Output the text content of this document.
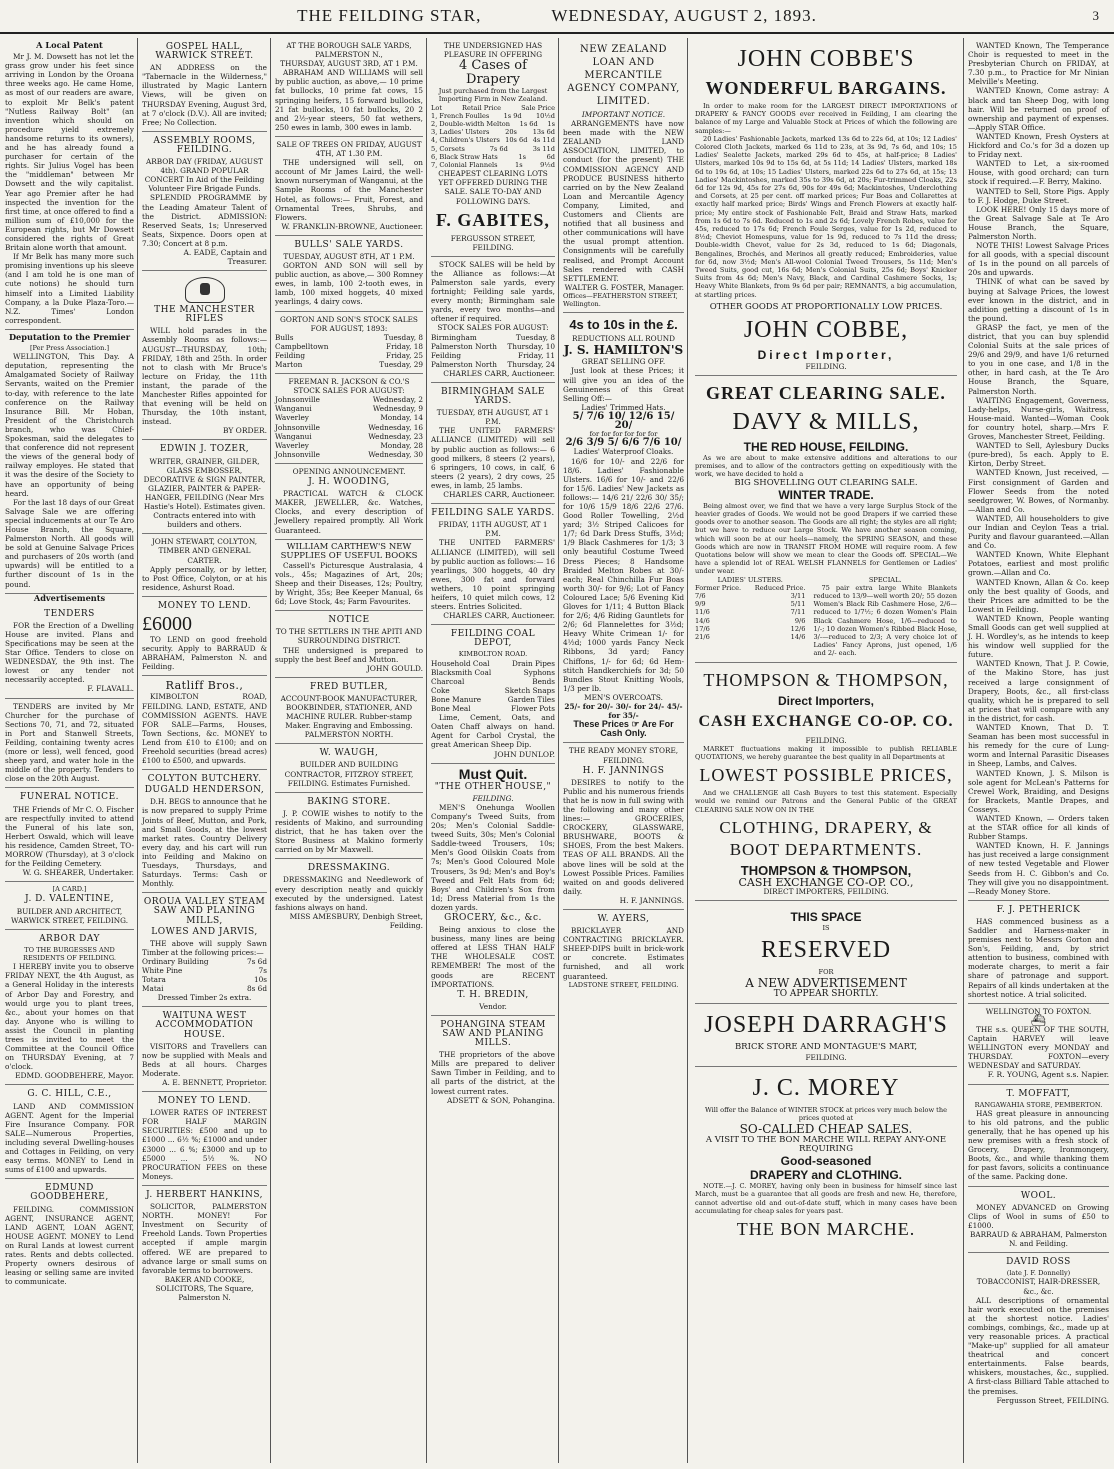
THE FEILDING STAR,	WEDNESDAY, AUGUST 2, 1893.	3
A Local Patent
Mr J. M. Dowsett has not let the grass grow under his feet since arriving in London by the Oroana three weeks ago. He came Home, as most of our readers are aware, to exploit Mr Belk's patent "Nutless Railway Bolt" (an invention which should on procedure yield extremely handsome returns to its owners), and he has already found a purchaser for certain of the rights. Sir Julius Vogel has been the "middleman" between Mr Dowsett and the wily capitalist. Year ago Premier after he had inspected the invention for the first time, at once offered to find a million sum of £10,000 for the European rights, but Mr Dowsett considered the rights of Great Britain alone worth that amount.
If Mr Belk has many more such promising inventions up his sleeve (and I am told he is one man of cute notions) he should turn himself into a Limited Liability Company, a la Duke Plaza-Toro.—N.Z. Times' London correspondent.
Deputation to the Premier
[Per Press Association.]
WELLINGTON, This Day. A deputation, representing the Amalgamated Society of Railway Servants, waited on the Premier to-day, with reference to the late conference on the Railway Insurance Bill. Mr Hoban, President of the Christchurch branch, who was Chief-Spokesman, said the delegates to that conference did not represent the views of the general body of railway employes. He stated that it was the desire of the Society to have an opportunity of being heard.
For the last 18 days of our Great Salvage Sale we are offering special inducements at our Te Aro House Branch, the Square, Palmerston North. All goods will be sold at Genuine Salvage Prices and purchasers of 20s worth (and upwards) will be entitled to a further discount of 1s in the pound.
Advertisements
TENDERS
FOR the Erection of a Dwelling House are invited. Plans and Specifications may be seen at the Star Office. Tenders to close on WEDNESDAY, the 9th inst. The lowest or any tender not necessarily accepted.
F. FLAVALL.
TENDERS are invited by Mr Churcher for the purchase of Sections 70, 71, and 72, situated in Port and Stanwell Streets, Feilding, containing twenty acres (more or less), well fenced, good sheep yard, and water hole in the middle of the property. Tenders to close on the 20th August.
FUNERAL NOTICE.
THE Friends of Mr C. O. Fischer are respectfully invited to attend the Funeral of his late son, Herbert Oswald, which will leave his residence, Camden Street, TO-MORROW (Thursday), at 3 o'clock for the Feilding Cemetery.
W. G. SHEARER, Undertaker.
[A CARD.]
J. D. VALENTINE,
BUILDER AND ARCHITECT, WARWICK STREET, FEILDING.
ARBOR DAY
TO THE BURGESSES AND RESIDENTS OF FEILDING.
I HEREBY invite you to observe FRIDAY NEXT, the 4th August, as a General Holiday in the interests of Arbor Day and Forestry, and would urge you to plant trees, &c., about your homes on that day. Anyone who is willing to assist the Council in planting trees is invited to meet the Committee at the Council Office on THURSDAY Evening, at 7 o'clock.
EDMD. GOODBEHERE, Mayor.
G. C. HILL, C.E.,
LAND AND COMMISSION AGENT. Agent for the Imperial Fire Insurance Company. FOR SALE—Numerous Properties, including several Dwelling-houses and Cottages in Feilding, on very easy terms. MONEY to Lend in sums of £100 and upwards.
EDMUND GOODBEHERE,
FEILDING. COMMISSION AGENT, INSURANCE AGENT, LAND AGENT, LOAN AGENT, HOUSE AGENT. MONEY to Lend on Rural Lands at lowest current rates. Rents and debts collected. Property owners desirous of leasing or selling same are invited to communicate.
GOSPEL HALL, WARWICK STREET.
AN ADDRESS on the "Tabernacle in the Wilderness," illustrated by Magic Lantern Views, will be given on THURSDAY Evening, August 3rd, at 7 o'clock (D.V.). All are invited; Free; No Collection.
ASSEMBLY ROOMS, FEILDING.
ARBOR DAY (FRIDAY, AUGUST 4th). GRAND POPULAR CONCERT In Aid of the Feilding Volunteer Fire Brigade Funds.
SPLENDID PROGRAMME by the Leading Amateur Talent of the District. ADMISSION: Reserved Seats, 1s; Unreserved Seats, Sixpence. Doors open at 7.30; Concert at 8 p.m.
A. EADE, Captain and Treasurer.
THE MANCHESTER RIFLES
WILL hold parades in the Assembly Rooms as follows:—AUGUST—THURSDAY, 10th; FRIDAY, 18th and 25th. In order not to clash with Mr Bruce's lecture on Friday, the 11th instant, the parade of the Manchester Rifles appointed for that evening will be held on Thursday, the 10th instant, instead.
BY ORDER.
EDWIN J. TOZER,
WRITER, GRAINER, GILDER, GLASS EMBOSSER, DECORATIVE & SIGN PAINTER, GLAZIER, PAINTER & PAPER-HANGER, FEILDING (Near Mrs Hastie's Hotel). Estimates given. Contracts entered into with builders and others.
JOHN STEWART, COLYTON, TIMBER AND GENERAL CARTER.
Apply personally, or by letter, to Post Office, Colyton, or at his residence, Ashurst Road.
MONEY TO LEND.
£6000
TO LEND on good freehold security. Apply to BARRAUD & ABRAHAM, Palmerston N. and Feilding.
Ratliff Bros.,
KIMBOLTON ROAD, FEILDING. LAND, ESTATE, AND COMMISSION AGENTS. HAVE FOR SALE—Farms, Houses, Town Sections, &c. MONEY to Lend from £10 to £100; and on Freehold securities (bread acres) £100 to £500, and upwards.
COLYTON BUTCHERY.
DUGALD HENDERSON,
D.H. BEGS to announce that he is now prepared to supply Prime Joints of Beef, Mutton, and Pork, and Small Goods, at the lowest market rates. Country Delivery every day, and his cart will run into Feilding and Makino on Tuesdays, Thursdays, and Saturdays. Terms: Cash or Monthly.
OROUA VALLEY STEAM SAW AND PLANING MILLS,
LOWES AND JARVIS,
THE above will supply Sawn Timber at the following prices:—
Ordinary Building	7s 6d
White Pine	7s
Totara	10s
Matai	8s 6d
Dressed Timber 2s extra.
WAITUNA WEST ACCOMMODATION HOUSE.
VISITORS and Travellers can now be supplied with Meals and Beds at all hours. Charges Moderate.
A. E. BENNETT, Proprietor.
MONEY TO LEND.
LOWER RATES OF INTEREST FOR HALF MARGIN SECURITIES: £500 and up to £1000 ... 6½ %; £1000 and under £3000 ... 6 %; £3000 and up to £5000 ... 5½ %. NO PROCURATION FEES on these Moneys.
J. HERBERT HANKINS,
SOLICITOR, PALMERSTON NORTH. MONEY! For Investment on Security of Freehold Lands. Town Properties accepted if ample margin offered. WE are prepared to advance large or small sums on favorable terms to borrowers.
BAKER AND COOKE, SOLICITORS, The Square, Palmerston N.
AT THE BOROUGH SALE YARDS, PALMERSTON N.,
THURSDAY, AUGUST 3RD, AT 1 P.M.
ABRAHAM AND WILLIAMS will sell by public auction, as above,— 10 prime fat bullocks, 10 prime fat cows, 15 springing heifers, 15 forward bullocks, 21 fat bullocks, 10 fat bullocks, 20 2 and 2½-year steers, 50 fat wethers, 250 ewes in lamb, 300 ewes in lamb.
SALE OF TREES ON FRIDAY, AUGUST 4TH, AT 1.30 P.M.
THE undersigned will sell, on account of Mr James Laird, the well-known nurseryman of Wanganui, at the Sample Rooms of the Manchester Hotel, as follows:— Fruit, Forest, and Ornamental Trees, Shrubs, and Flowers.
W. FRANKLIN-BROWNE, Auctioneer.
BULLS' SALE YARDS.
TUESDAY, AUGUST 8TH, AT 1 P.M.
GORTON AND SON will sell by public auction, as above,— 300 Romney ewes, in lamb, 100 2-tooth ewes, in lamb, 100 mixed hoggets, 40 mixed yearlings, 4 dairy cows.
GORTON AND SON'S STOCK SALES FOR AUGUST, 1893:
Bulls	Tuesday, 8
Campbelltown	Friday, 18
Feilding	Friday, 25
Marton	Tuesday, 29
FREEMAN R. JACKSON & CO.'S STOCK SALES FOR AUGUST:
Johnsonville	Wednesday, 2
Wanganui	Wednesday, 9
Waverley	Monday, 14
Johnsonville	Wednesday, 16
Wanganui	Wednesday, 23
Waverley	Monday, 28
Johnsonville	Wednesday, 30
OPENING ANNOUNCEMENT.
J. H. WOODING,
PRACTICAL WATCH & CLOCK MAKER, JEWELLER, &c. Watches, Clocks, and every description of Jewellery repaired promptly. All Work Guaranteed.
WILLIAM CARTHEW'S NEW SUPPLIES OF USEFUL BOOKS
Cassell's Picturesque Australasia, 4 vols., 45s; Magazines of Art, 20s; Sheep and their Diseases, 12s; Poultry, by Wright, 35s; Bee Keeper Manual, 6s 6d; Love Stock, 4s; Farm Favourites.
NOTICE
TO THE SETTLERS IN THE APITI AND SURROUNDING DISTRICT.
THE undersigned is prepared to supply the best Beef and Mutton.
JOHN GOULD.
FRED BUTLER,
ACCOUNT-BOOK MANUFACTURER, BOOKBINDER, STATIONER, AND MACHINE RULER. Rubber-stamp Maker. Engraving and Embossing. PALMERSTON NORTH.
W. WAUGH,
BUILDER AND BUILDING CONTRACTOR, FITZROY STREET, FEILDING. Estimates Furnished.
BAKING STORE.
J. P. COWIE wishes to notify to the residents of Makino, and surrounding district, that he has taken over the Store Business at Makino formerly carried on by Mr Maxwell.
DRESSMAKING.
DRESSMAKING and Needlework of every description neatly and quickly executed by the undersigned. Latest fashions always on hand.
MISS AMESBURY, Denbigh Street, Feilding.
THE UNDERSIGNED HAS PLEASURE IN OFFERING
4 Cases of Drapery
Just purchased from the Largest Importing Firm in New Zealand.
Lot	Retail Price	Sale Price
1, French Foulles 1s 9d 10½d
2, Double-width Melton 1s 6d 1s
3, Ladies' Ulsters 20s 13s 6d
4, Children's Ulsters 10s 6d 4s 11d
5, Corsets	7s 6d	3s 11d
6, Black Straw Hats	1s	6d
7, Colonial Flannels	1s	9½d
CHEAPEST CLEARING LOTS YET OFFERED DURING THE SALE. SALE TO-DAY AND FOLLOWING DAYS.
F. GABITES,
FERGUSSON STREET, FEILDING.
STOCK SALES will be held by the Alliance as follows:—At Palmerston sale yards, every fortnight; Feilding sale yards, every month; Birmingham sale yards, every two months—and oftener if required.
STOCK SALES FOR AUGUST:
Birmingham	Tuesday, 8
Palmerston North Thursday, 10
Feilding	Friday, 11
Palmerston North Thursday, 24
CHARLES CARR, Auctioneer.
BIRMINGHAM SALE YARDS.
TUESDAY, 8TH AUGUST, AT 1 P.M.
THE UNITED FARMERS' ALLIANCE (LIMITED) will sell by public auction as follows:— 6 good milkers, 8 steers (2 years), 6 springers, 10 cows, in calf, 6 steers (2 years), 2 dry cows, 25 ewes, in lamb, 25 lambs.
CHARLES CARR, Auctioneer.
FEILDING SALE YARDS.
FRIDAY, 11TH AUGUST, AT 1 P.M.
THE UNITED FARMERS' ALLIANCE (LIMITED), will sell by public auction as follows:— 16 yearlings, 300 hoggets, 40 dry ewes, 300 fat and forward wethers, 10 point springing heifers, 10 quiet milch cows, 12 steers. Entries Solicited.
CHARLES CARR, Auctioneer.
FEILDING COAL DEPOT,
KIMBOLTON ROAD.
Household Coal	Drain Pipes
Blacksmith Coal	Syphons
Charcoal	Bends
Coke	Sketch Snaps
Bone Manure	Garden Tiles
Bone Meal	Flower Pots
Lime, Cement, Oats, and Oaten Chaff always on hand. Agent for Carbol Crystal, the great American Sheep Dip.
JOHN DUNLOP.
Must Quit.
"THE OTHER HOUSE,"
FEILDING.
MEN'S Onehunga Woollen Company's Tweed Suits, from 20s; Men's Colonial Saddle-tweed Suits, 30s; Men's Colonial Saddle-tweed Trousers, 10s; Men's Good Oilskin Coats from 7s; Men's Good Coloured Mole Trousers, 3s 9d; Men's and Boy's Tweed and Felt Hats from 6d; Boys' and Children's Sox from 1d; Dress Material from 1s the dozen yards.
GROCERY, &c., &c.
Being anxious to close the business, many lines are being offered at LESS THAN HALF THE WHOLESALE COST. REMEMBER! The most of the goods are RECENT IMPORTATIONS.
T. H. BREDIN,
Vendor.
POHANGINA STEAM SAW AND PLANING MILLS.
THE proprietors of the above Mills are prepared to deliver Sawn Timber in Feilding, and to all parts of the district, at the lowest current rates.
ADSETT & SON, Pohangina.
NEW ZEALAND LOAN AND MERCANTILE AGENCY COMPANY, LIMITED.
IMPORTANT NOTICE.
ARRANGEMENTS have now been made with the NEW ZEALAND LAND ASSOCIATION, LIMITED, to conduct (for the present) THE COMMISSION AGENCY AND PRODUCE BUSINESS hitherto carried on by the New Zealand Loan and Mercantile Agency Company, Limited, and Customers and Clients are notified that all business and other communications will have the usual prompt attention. Consignments will be carefully realised, and Prompt Account Sales rendered with CASH SETTLEMENT.
WALTER G. FOSTER, Manager.
Offices—FEATHERSTON STREET, Wellington.
4s to 10s in the £.
REDUCTIONS ALL ROUND
J. S. HAMILTON'S
GREAT SELLING OFF.
Just look at these Prices; it will give you an idea of the Genuineness of this Great Selling Off:—
Ladies' Trimmed Hats.
5/ 7/6 10/ 12/6 15/ 20/
for for for for for for
2/6 3/9 5/ 6/6 7/6 10/
Ladies' Waterproof Cloaks.
16/6 for 10/- and 22/6 for 18/6. Ladies' Fashionable Ulsters. 16/6 for 10/- and 22/6 for 15/6. Ladies' New Jackets as follows:— 14/6 21/ 22/6 30/ 35/; for 10/6 15/9 18/6 22/6 27/6. Good Roller Towelling, 2½d yard; 3½ Striped Calicoes for 1/7; 6d Dark Dress Stuffs, 3½d; 1/9 Black Cashmeres for 1/3; 3 only beautiful Costume Tweed Dress Pieces; 8 Handsome Braided Melton Robes at 30/- each; Real Chinchilla Fur Boas worth 30/- for 9/6; Lot of Fancy Coloured Lace; 5/6 Evening Kid Gloves for 1/11; 4 Button Black for 2/6; 4/6 Riding Gauntlets for 2/6; 6d Flannelettes for 3½d; Heavy White Crimean 1/- for 4½d; 1000 yards Fancy Neck Ribbons, 3d yard; Fancy Chiffons, 1/- for 6d; 6d Hem-stitch Handkerchiefs for 3d; 50 Bundles Stout Knitting Wools, 1/3 per lb.
MEN'S OVERCOATS.
25/- for 20/- 30/- for 24/- 45/- for 35/-
These Prices ☞ Are For Cash Only.
THE READY MONEY STORE, FEILDING.
H. F. JANNINGS
DESIRES to notify to the Public and his numerous friends that he is now in full swing with the following and many other lines:— GROCERIES, CROCKERY, GLASSWARE, BRUSHWARE, BOOTS & SHOES, From the best Makers. TEAS OF ALL BRANDS. All the above lines will be sold at the Lowest Possible Prices. Families waited on and goods delivered daily.
H. F. JANNINGS.
W. AYERS,
BRICKLAYER AND CONTRACTING BRICKLAYER. SHEEP-DIPS built in brick-work or concrete. Estimates furnished, and all work guaranteed.
LADSTONE STREET, FEILDING.
JOHN COBBE'S
WONDERFUL BARGAINS.
In order to make room for the LARGEST DIRECT IMPORTATIONS of DRAPERY & FANCY GOODS ever received in Feilding, I am clearing the balance of my Large and Valuable Stock at Prices of which the following are samples:—
20 Ladies' Fashionable Jackets, marked 13s 6d to 22s 6d, at 10s; 12 Ladies' Colored Cloth Jackets, marked 6s 11d to 23s, at 3s 9d, 7s 6d, and 10s; 15 Ladies' Sealette Jackets, marked 29s 6d to 45s, at half-price; 8 Ladies' Ulsters, marked 10s 9d to 15s 6d, at 5s 11d; 14 Ladies' Ulsters, marked 18s 6d to 19s 6d, at 10s; 15 Ladies' Ulsters, marked 22s 6d to 27s 6d, at 15s; 13 Ladies' Mackintoshes, marked 35s to 39s 6d, at 20s; Fur-trimmed Cloaks, 22s 6d for 12s 9d, 45s for 27s 6d, 90s for 49s 6d; Mackintoshes, Underclothing and Corsets, at 25 per cent. off marked prices; Fur Boas and Collarettes at exactly half marked price; Birds' Wings and French Flowers at exactly half-price; My entire stock of Fashionable Felt, Braid and Straw Hats, marked from 1s 6d to 7s 6d. Reduced to 1s and 2s 6d; Lovely French Robes, value for 45s, reduced to 17s 6d; French Foule Serges, value for 1s 2d, reduced to 8½d; Cheviot Homespuns, value for 1s 9d, reduced to 7s 11d the dress; Double-width Chevot, value for 2s 3d, reduced to 1s 6d; Diagonals, Bengalines, Brochés, and Merinos all greatly reduced; Embroideries, value for 6d, now 3½d; Men's All-wool Colonial Tweed Trousers, 5s 11d; Men's Tweed Suits, good cut, 16s 6d; Men's Colonial Suits, 25s 6d; Boys' Knicker Suits from 4s 6d; Men's Navy, Black, and Cardinal Cashmere Socks, 1s; Heavy White Blankets, from 9s 6d per pair; REMNANTS, a big accumulation, at startling prices.
OTHER GOODS AT PROPORTIONALLY LOW PRICES.
JOHN COBBE,
Direct Importer,
FEILDING.
GREAT CLEARING SALE.
DAVY & MILLS,
THE RED HOUSE, FEILDING.
As we are about to make extensive additions and alterations to our premises, and to allow of the contractors getting on expeditiously with the work, we have decided to hold a
BIG SHOVELLING OUT CLEARING SALE.
WINTER TRADE.
Being almost over, we find that we have a very large Surplus Stock of the heavier grades of Goods. We would not be good Drapers if we carried these goods over to another season. The Goods are all right; the styles are all right; but we have to reduce our Large Stock. We have another season coming, which will soon be at our heels—namely, the SPRING SEASON, and these Goods which are now in TRANSIT FROM HOME will require room. A few Quotations below will show we mean to clear the Goods off. SPECIAL—We have a splendid lot of REAL WELSH FLANNELS for Gentlemen or Ladies' under wear.
LADIES' ULSTERS.
Former Price. Reduced Price.
7/6	3/11
9/9	5/11
11/6	7/11
14/6	9/6
17/6	12/6
21/6	14/6
SPECIAL.
75 pair extra large White Blankets reduced to 13/9—well worth 20/; 55 dozen Women's Black Rib Cashmere Hose, 2/6—reduced to 1/7½; 6 dozen Women's Plain Black Cashmere Hose, 1/6—reduced to 1/-; 10 dozen Women's Ribbed Black Hose, 3/-—reduced to 2/3; A very choice lot of Ladies' Fancy Aprons, just opened, 1/6 and 2/- each.
THOMPSON & THOMPSON,
Direct Importers,
CASH EXCHANGE CO-OP. CO.
FEILDING.
MARKET fluctuations making it impossible to publish RELIABLE QUOTATIONS, we hereby guarantee the best quality in all Departments at
LOWEST POSSIBLE PRICES,
And we CHALLENGE all Cash Buyers to test this statement. Especially would we remind our Patrons and the General Public of the GREAT CLEARING SALE NOW ON IN THE
CLOTHING, DRAPERY, & BOOT DEPARTMENTS.
THOMPSON & THOMPSON,
CASH EXCHANGE CO-OP. CO.,
DIRECT IMPORTERS, FEILDING.
THIS SPACE
IS
RESERVED
FOR
A NEW ADVERTISEMENT
TO APPEAR SHORTLY.
JOSEPH DARRAGH'S
BRICK STORE AND MONTAGUE'S MART,
FEILDING.
J. C. MOREY
Will offer the Balance of WINTER STOCK at prices very much below the prices quoted at
SO-CALLED CHEAP SALES.
A VISIT TO THE BON MARCHE WILL REPAY ANY-ONE REQUIRING
Good-seasoned
DRAPERY and CLOTHING.
NOTE.—J. C. MOREY, having only been in business for himself since last March, must be a guarantee that all goods are fresh and new. He, therefore, cannot advertise old and out-of-date stuff, which in many cases have been accumulating for cheap sales for years past.
THE BON MARCHE.
WANTED Known, The Temperance Choir is requested to meet in the Presbyterian Church on FRIDAY, at 7.30 p.m., to Practice for Mr Ninian Melville's Meeting.
WANTED Known, Come astray: A black and tan Sheep Dog, with long hair. Will be returned on proof of ownership and payment of expenses.—Apply STAR Office.
WANTED Known, Fresh Oysters at Hickford and Co.'s for 3d a dozen up to Friday next.
WANTED to Let, a six-roomed House, with good orchard; can turn stock if required.—F. Berry, Makino.
WANTED to Sell, Store Pigs. Apply to F. J. Hodge, Duke Street.
LOOK HERE! Only 15 days more of the Great Salvage Sale at Te Aro House Branch, the Square, Palmerston North.
NOTE THIS! Lowest Salvage Prices for all goods, with a special discount of 1s in the pound on all parcels of 20s and upwards.
THINK of what can be saved by buying at Salvage Prices, the lowest ever known in the district, and in addition getting a discount of 1s in the pound.
GRASP the fact, ye men of the district, that you can buy splendid Colonial Suits at the sale prices of 29/6 and 29/9, and have 1/6 returned to you in one case, and 1/8 in the other, in hard cash, at the Te Aro House Branch, the Square, Palmerston North.
WAITING Engagement, Governess, Lady-helps, Nurse-girls, Waitress, House-maid. Wanted—Woman Cook for country hotel, sharp.—Mrs F. Groves, Manchester Street, Feilding.
WANTED to Sell, Aylesbury Ducks (pure-bred), 5s each. Apply to E. Kirton, Derby Street.
WANTED Known, Just received, —First consignment of Garden and Flower Seeds from the noted seedgrower, W. Bowes, of Normanby. —Allan and Co.
WANTED, All householders to give our Indian and Ceylon Teas a trial. Purity and flavour guaranteed.—Allan and Co.
WANTED Known, White Elephant Potatoes, earliest and most prolific grown.—Allan and Co.
WANTED Known, Allan & Co. keep only the best quality of Goods, and their Prices are admitted to be the Lowest in Feilding.
WANTED Known, People wanting Small Goods can get well supplied at J. H. Wordley's, as he intends to keep his window well supplied for the future.
WANTED Known, That J. P. Cowie, of the Makino Store, has just received a large consignment of Drapery, Boots, &c., all first-class quality, which he is prepared to sell at prices that will compare with any in the district, for cash.
WANTED Known, That D. T. Seaman has been most successful in his remedy for the cure of Lung-worm and Internal Parasitic Diseases in Sheep, Lambs, and Calves.
WANTED Known, J. S. Milson is sole agent for McLean's Patterns for Crewel Work, Braiding, and Designs for Brackets, Mantle Drapes, and Cosseys.
WANTED Known, — Orders taken at the STAR office for all kinds of Rubber Stamps.
WANTED Known, H. F. Jannings has just received a large consignment of new tested Vegetable and Flower Seeds from H. C. Gibbon's and Co. They will give you no disappointment.—Ready Money Store.
F. J. PETHERICK
HAS commenced business as a Saddler and Harness-maker in premises next to Messrs Gorton and Son's, Feilding, and, by strict attention to business, combined with moderate charges, to merit a fair share of patronage and support. Repairs of all kinds undertaken at the shortest notice. A trial solicited.
WELLINGTON TO FOXTON.
⛴
THE s.s. QUEEN OF THE SOUTH, Captain HARVEY will leave WELLINGTON every MONDAY and THURSDAY. FOXTON—every WEDNESDAY and SATURDAY.
F. R. YOUNG, Agent s.s. Napier.
T. MOFFATT,
RANGAWAHIA STORE, PEMBERTON.
HAS great pleasure in announcing to his old patrons, and the public generally, that he has opened up his new premises with a fresh stock of Grocery, Drapery, Ironmongery, Boots, &c., and while thanking them for past favors, solicits a continuance of the same. Packing done.
WOOL.
MONEY ADVANCED on Growing Clips of Wool in sums of £50 to £1000.
BARRAUD & ABRAHAM, Palmerston N. and Feilding.
DAVID ROSS
(late J. F. Donnelly)
TOBACCONIST, HAIR-DRESSER, &c., &c.
ALL descriptions of ornamental hair work executed on the premises at the shortest notice. Ladies' combings, combings, &c., made up at very reasonable prices. A practical "Make-up" supplied for all amateur theatrical and concert entertainments. False beards, whiskers, moustaches, &c., supplied. A first-class Billiard Table attached to the premises.
Fergusson Street, FEILDING.
